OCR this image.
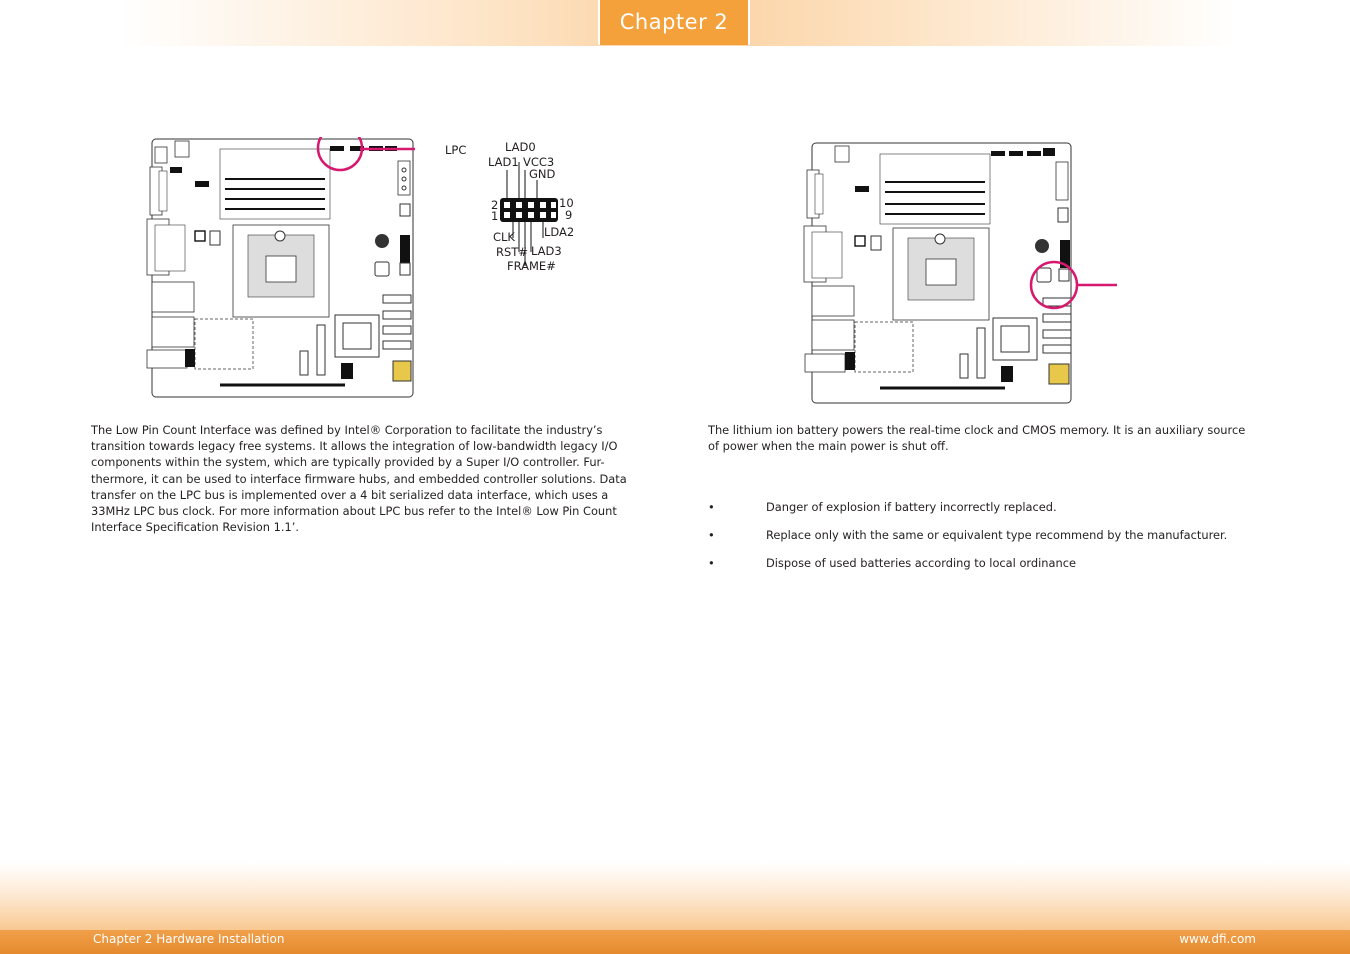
Chapter 2
LPC	LAD0
LAD1 VCC3
GND
2
1
10
9
CLK
RST#
LDA2
LAD3
FRAME#
The Low Pin Count Interface was defined by Intel® Corporation to facilitate the industry’s
transition towards legacy free systems. It allows the integration of low-bandwidth legacy I/O
components within the system, which are typically provided by a Super I/O controller. Fur-
thermore, it can be used to interface firmware hubs, and embedded controller solutions. Data
transfer on the LPC bus is implemented over a 4 bit serialized data interface, which uses a
33MHz LPC bus clock. For more information about LPC bus refer to the Intel® Low Pin Count
Interface Specification Revision 1.1’.
The lithium ion battery powers the real-time clock and CMOS memory. It is an auxiliary source
of power when the main power is shut off.
•	Danger of explosion if battery incorrectly replaced.
•	Replace only with the same or equivalent type recommend by the manufacturer.
•	Dispose of used batteries according to local ordinance
Chapter 2 Hardware Installation	www.dfi.com
